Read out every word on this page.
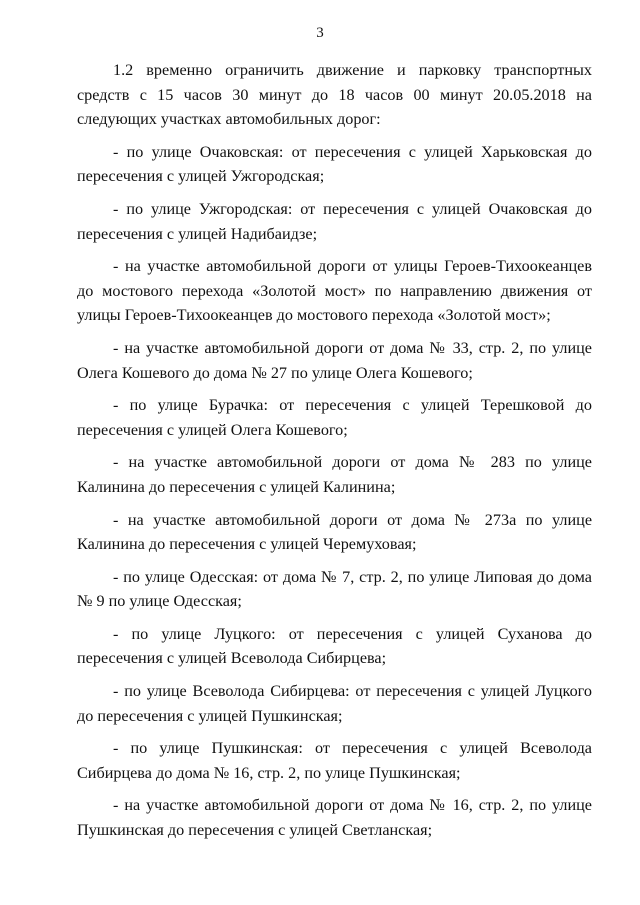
3

1.2 временно ограничить движение и парковку транспортных средств с 15 часов 30 минут до 18 часов 00 минут 20.05.2018 на следующих участках автомобильных дорог:

- по улице Очаковская: от пересечения с улицей Харьковская до пересечения с улицей Ужгородская;

- по улице Ужгородская: от пересечения с улицей Очаковская до пересечения с улицей Надибаидзе;

- на участке автомобильной дороги от улицы Героев-Тихоокеанцев до мостового перехода «Золотой мост» по направлению движения от улицы Героев-Тихоокеанцев до мостового перехода «Золотой мост»;

- на участке автомобильной дороги от дома № 33, стр. 2, по улице Олега Кошевого до дома № 27 по улице Олега Кошевого;

- по улице Бурачка: от пересечения с улицей Терешковой до пересечения с улицей Олега Кошевого;

- на участке автомобильной дороги от дома № 283 по улице Калинина до пересечения с улицей Калинина;

- на участке автомобильной дороги от дома № 273а по улице Калинина до пересечения с улицей Черемуховая;

- по улице Одесская: от дома № 7, стр. 2, по улице Липовая до дома № 9 по улице Одесская;

- по улице Луцкого: от пересечения с улицей Суханова до пересечения с улицей Всеволода Сибирцева;

- по улице Всеволода Сибирцева: от пересечения с улицей Луцкого до пересечения с улицей Пушкинская;

- по улице Пушкинская: от пересечения с улицей Всеволода Сибирцева до дома № 16, стр. 2, по улице Пушкинская;

- на участке автомобильной дороги от дома № 16, стр. 2, по улице Пушкинская до пересечения с улицей Светланская;
